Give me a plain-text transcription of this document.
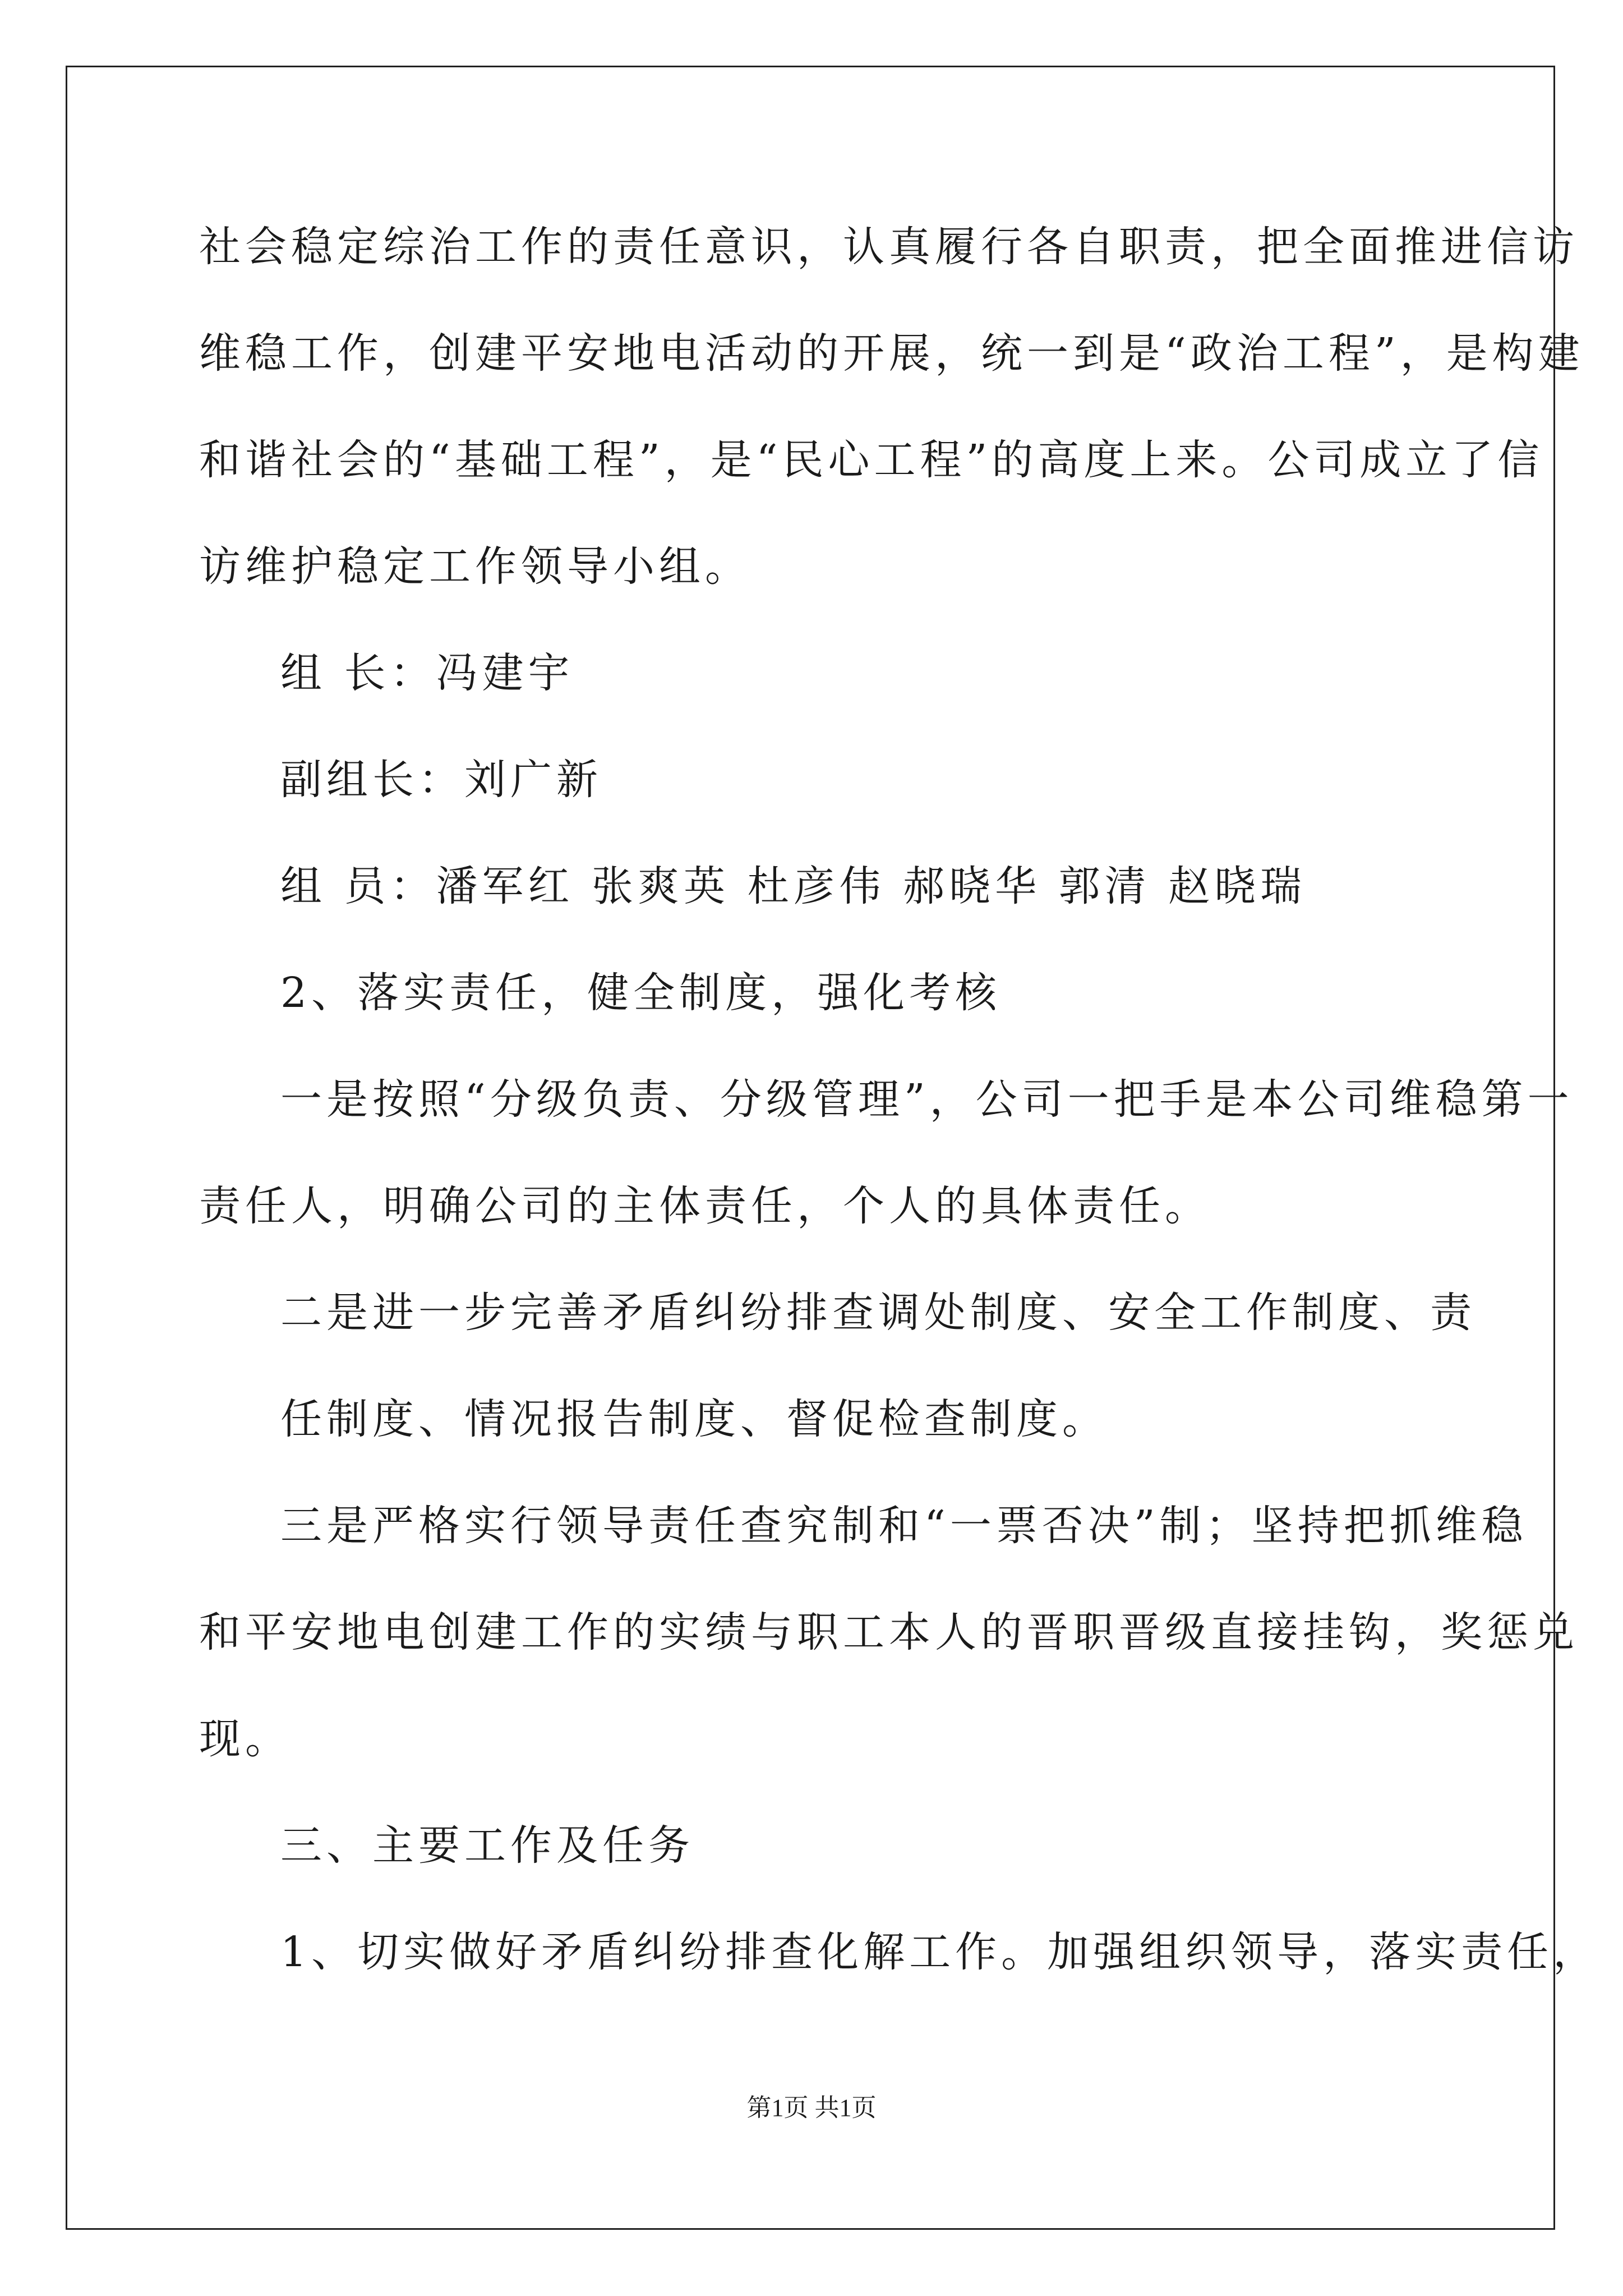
社会稳定综治工作的责任意识，认真履行各自职责，把全面推进信访
维稳工作，创建平安地电活动的开展，统一到是“政治工程”，是构建
和谐社会的“基础工程”，是“民心工程”的高度上来。公司成立了信
访维护稳定工作领导小组。
组 长：冯建宇
副组长：刘广新
组 员：潘军红 张爽英 杜彦伟 郝晓华 郭清 赵晓瑞
2、落实责任，健全制度，强化考核
一是按照“分级负责、分级管理”，公司一把手是本公司维稳第一
责任人，明确公司的主体责任，个人的具体责任。
二是进一步完善矛盾纠纷排查调处制度、安全工作制度、责
任制度、情况报告制度、督促检查制度。
三是严格实行领导责任查究制和“一票否决”制；坚持把抓维稳
和平安地电创建工作的实绩与职工本人的晋职晋级直接挂钩，奖惩兑
现。
三、主要工作及任务
1、切实做好矛盾纠纷排查化解工作。加强组织领导，落实责任，
第1页 共1页
